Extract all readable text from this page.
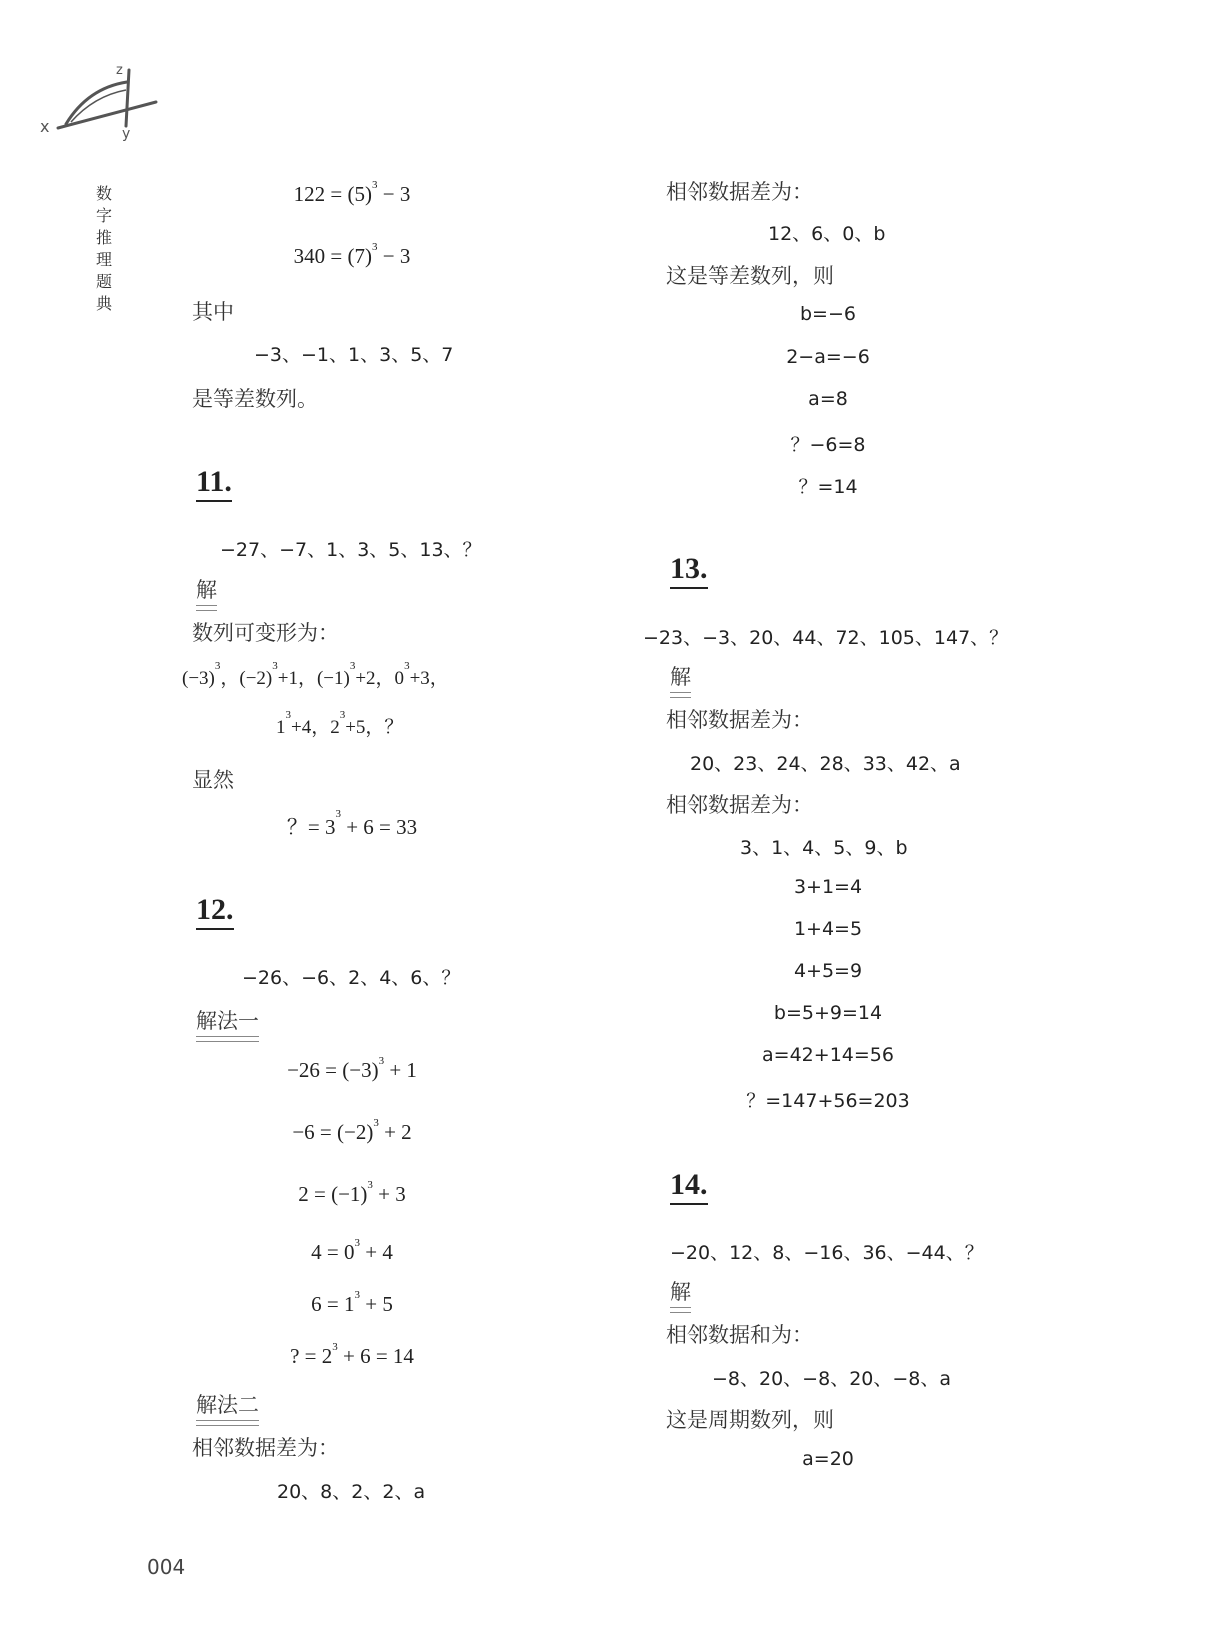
x	y
z
数字推理题典
$122 = (5)^3 - 3$
$340 = (7)^3 - 3$
其中
−3、−1、1、3、5、7
是等差数列。
11.
−27、−7、1、3、5、13、？
解
数列可变形为：
$(-3)^3$，$(-2)^3+1$，$(-1)^3+2$，$0^3+3$，
$1^3+4$，$2^3+5$，？
显然
？= $3^3 + 6 = 33$
12.
−26、−6、2、4、6、？
解法一
$-26 = (-3)^3 + 1$
$-6 = (-2)^3 + 2$
$2 = (-1)^3 + 3$
$4 = 0^3 + 4$
$6 = 1^3 + 5$
? = $2^3 + 6 = 14$
解法二
相邻数据差为：
20、8、2、2、a
004
相邻数据差为：
12、6、0、b
这是等差数列，则
b=−6
2−a=−6
a=8
？−6=8
？=14
13.
−23、−3、20、44、72、105、147、？
解
相邻数据差为：
20、23、24、28、33、42、a
相邻数据差为：
3、1、4、5、9、b
3+1=4
1+4=5
4+5=9
b=5+9=14
a=42+14=56
？=147+56=203
14.
−20、12、8、−16、36、−44、？
解
相邻数据和为：
−8、20、−8、20、−8、a
这是周期数列，则
a=20
